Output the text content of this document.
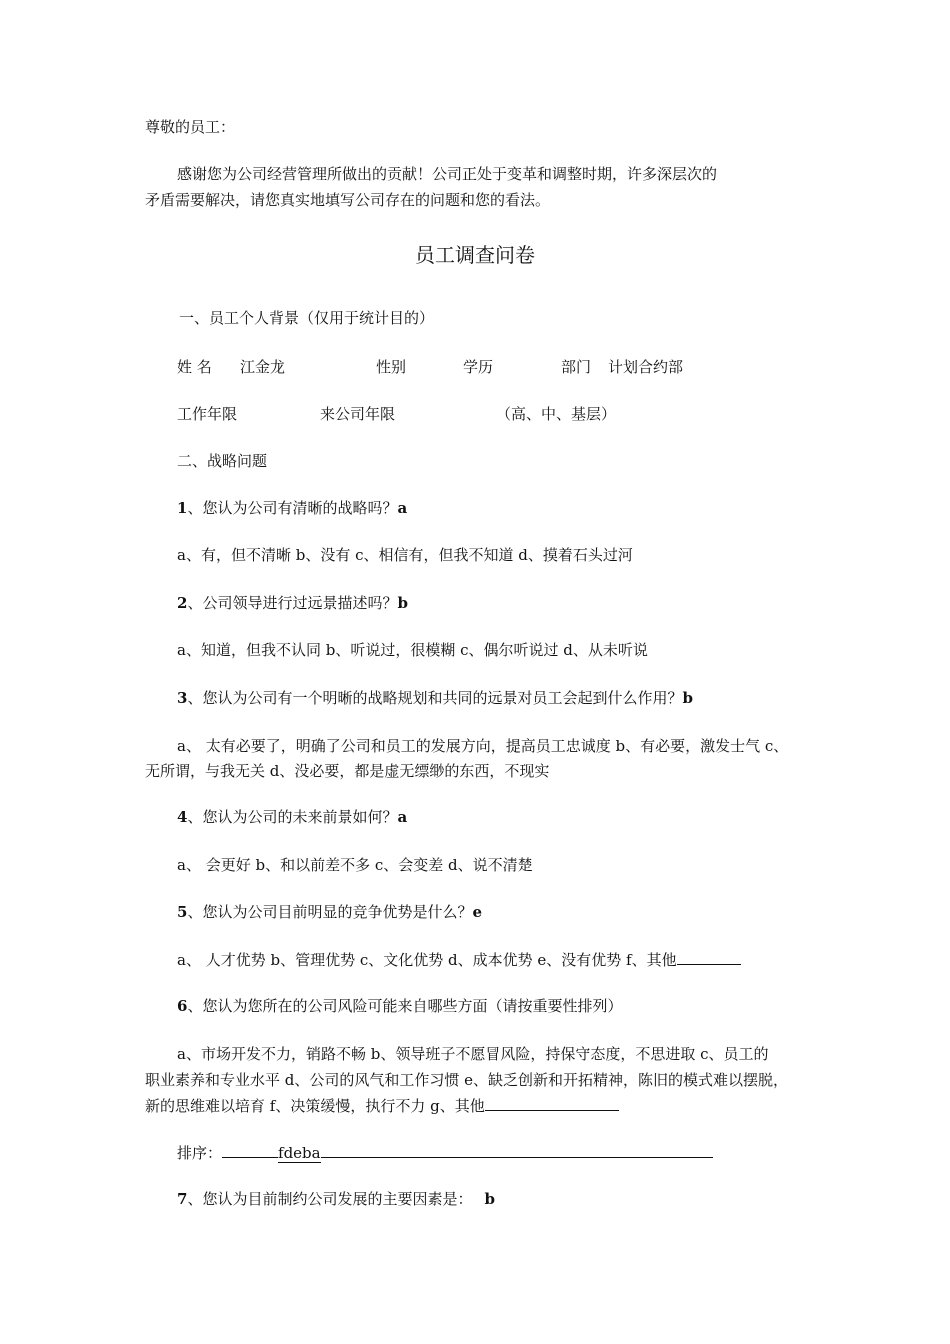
尊敬的员工：
感谢您为公司经营管理所做出的贡献！公司正处于变革和调整时期，许多深层次的
矛盾需要解决，请您真实地填写公司存在的问题和您的看法。
员工调查问卷
一、员工个人背景（仅用于统计目的）
姓 名 江金龙	性别	学历	部门 计划合约部
工作年限	来公司年限	（高、中、基层）
二、战略问题
1、您认为公司有清晰的战略吗？a
a、有，但不清晰 b、没有 c、相信有，但我不知道 d、摸着石头过河
2、公司领导进行过远景描述吗？b
a、知道，但我不认同 b、听说过，很模糊 c、偶尔听说过 d、从未听说
3、您认为公司有一个明晰的战略规划和共同的远景对员工会起到什么作用？b
a、 太有必要了，明确了公司和员工的发展方向，提高员工忠诚度 b、有必要，激发士气 c、
无所谓，与我无关 d、没必要，都是虚无缥缈的东西，不现实
4、您认为公司的未来前景如何？a
a、 会更好 b、和以前差不多 c、会变差 d、说不清楚
5、您认为公司目前明显的竞争优势是什么？e
a、 人才优势 b、管理优势 c、文化优势 d、成本优势 e、没有优势 f、其他
6、您认为您所在的公司风险可能来自哪些方面（请按重要性排列）
a、市场开发不力，销路不畅 b、领导班子不愿冒风险，持保守态度，不思进取 c、员工的
职业素养和专业水平 d、公司的风气和工作习惯 e、缺乏创新和开拓精神，陈旧的模式难以摆脱，
新的思维难以培育 f、决策缓慢，执行不力 g、其他
排序：	fdeba
7、您认为目前制约公司发展的主要因素是： b
